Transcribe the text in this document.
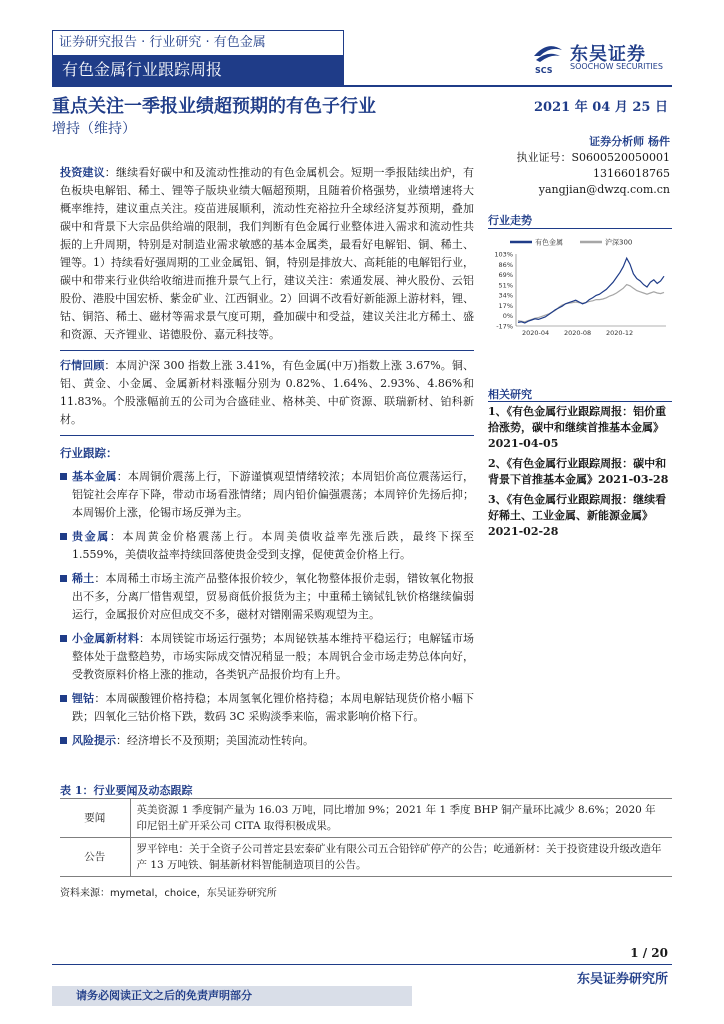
证券研究报告 · 行业研究 · 有色金属
有色金属行业跟踪周报	SCS
东吴证券
SOOCHOW SECURITIES
重点关注一季报业绩超预期的有色子行业
增持（维持）
2021 年 04 月 25 日
证券分析师 杨件
执业证号：S0600520050001
13166018765
yangjian@dwzq.com.cn

投资建议：继续看好碳中和及流动性推动的有色金属机会。短期一季报陆续出炉，有色板块电解铝、稀土、锂等子版块业绩大幅超预期，且随着价格强势，业绩增速将大概率维持，建议重点关注。疫苗进展顺利，流动性充裕拉升全球经济复苏预期，叠加碳中和背景下大宗品供给端的限制，我们判断有色金属行业整体进入需求和流动性共振的上升周期，特别是对制造业需求敏感的基本金属类，最看好电解铝、铜、稀土、锂等。1）持续看好强周期的工业金属铝、铜，特别是排放大、高耗能的电解铝行业，碳中和带来行业供给收缩进而推升景气上行，建议关注：索通发展、神火股份、云铝股份、港股中国宏桥、紫金矿业、江西铜业。2）回调不改看好新能源上游材料，锂、钴、铜箔、稀土、磁材等需求景气度可期，叠加碳中和受益，建议关注北方稀土、盛和资源、天齐锂业、诺德股份、嘉元科技等。

行情回顾：本周沪深 300 指数上涨 3.41%，有色金属(中万)指数上涨 3.67%。铜、铝、黄金、小金属、金属新材料涨幅分别为 0.82%、1.64%、2.93%、4.86%和 11.83%。个股涨幅前五的公司为合盛硅业、格林美、中矿资源、联瑞新材、铂科新材。

行业跟踪：
基本金属：本周铜价震荡上行，下游谨慎观望情绪较浓；本周铝价高位震荡运行，铝锭社会库存下降，带动市场看涨情绪；周内铅价偏强震荡；本周锌价先扬后抑；本周锡价上涨，伦锡市场反弹为主。
贵金属：本周黄金价格震荡上行。本周美债收益率先涨后跌，最终下探至 1.559%，美债收益率持续回落使贵金受到支撑，促使黄金价格上行。
稀土：本周稀土市场主流产品整体报价较少，氧化物整体报价走弱，镨钕氧化物报出不多，分离厂惜售观望，贸易商低价报货为主；中重稀土镝铽钆钬价格继续偏弱运行，金属报价对应但成交不多，磁材对镨刚需采购观望为主。
小金属新材料：本周镁锭市场运行强势；本周铋铁基本维持平稳运行；电解锰市场整体处于盘整趋势，市场实际成交情况稍显一般；本周钒合金市场走势总体向好，受教资原料价格上涨的推动，各类钒产品报价均有上升。
锂钴：本周碳酸锂价格持稳；本周氢氧化锂价格持稳；本周电解钴现货价格小幅下跌；四氧化三钴价格下跌，数码 3C 采购淡季来临，需求影响价格下行。
风险提示：经济增长不及预期；美国流动性转向。
行业走势
103%
86%
69%
51%
34%
17%
0%
-17%
2020-04 2020-08 2020-12
有色金属	沪深300
相关研究
1、《有色金属行业跟踪周报：铝价重拾涨势，碳中和继续首推基本金属》2021-04-05
2、《有色金属行业跟踪周报：碳中和背景下首推基本金属》2021-03-28
3、《有色金属行业跟踪周报：继续看好稀土、工业金属、新能源金属》2021-02-28
表 1：行业要闻及动态跟踪
要闻	英美资源 1 季度铜产量为 16.03 万吨，同比增加 9%；2021 年 1 季度 BHP 铜产量环比减少 8.6%；2020 年印尼铝土矿开采公司 CITA 取得积极成果。
公告	罗平锌电：关于全资子公司普定县宏泰矿业有限公司五合铅锌矿停产的公告；屹通新材：关于投资建设升级改造年产 13 万吨铁、铜基新材料智能制造项目的公告。
资料来源：mymetal，choice，东吴证券研究所
1 / 20
东吴证券研究所
请务必阅读正文之后的免责声明部分
